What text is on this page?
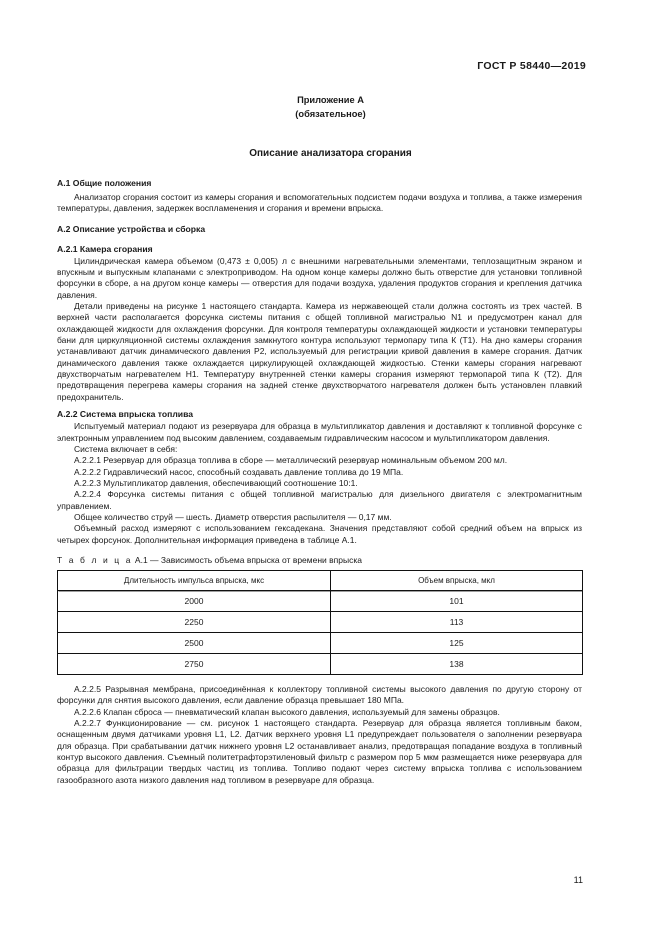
ГОСТ Р 58440—2019
Приложение А
(обязательное)
Описание анализатора сгорания
А.1 Общие положения

Анализатор сгорания состоит из камеры сгорания и вспомогательных подсистем подачи воздуха и топлива, а также измерения температуры, давления, задержек воспламенения и сгорания и времени впрыска.

А.2 Описание устройства и сборка
А.2.1 Камера сгорания

Цилиндрическая камера объемом (0,473 ± 0,005) л с внешними нагревательными элементами, теплозащитным экраном и впускным и выпускным клапанами с электроприводом. На одном конце камеры должно быть отверстие для установки топливной форсунки в сборе, а на другом конце камеры — отверстия для подачи воздуха, удаления продуктов сгорания и крепления датчика давления.

Детали приведены на рисунке 1 настоящего стандарта. Камера из нержавеющей стали должна состоять из трех частей. В верхней части располагается форсунка системы питания с общей топливной магистралью N1 и предусмотрен канал для охлаждающей жидкости для охлаждения форсунки. Для контроля температуры охлаждающей жидкости и установки температуры бани для циркуляционной системы охлаждения замкнутого контура используют термопару типа К (Т1). На дно камеры сгорания устанавливают датчик динамического давления Р2, используемый для регистрации кривой давления в камере сгорания. Датчик динамического давления также охлаждается циркулирующей охлаждающей жидкостью. Стенки камеры сгорания нагревают двухстворчатым нагревателем H1. Температуру внутренней стенки камеры сгорания измеряют термопарой типа К (Т2). Для предотвращения перегрева камеры сгорания на задней стенке двухстворчатого нагревателя должен быть установлен плавкий предохранитель.

А.2.2 Система впрыска топлива

Испытуемый материал подают из резервуара для образца в мультипликатор давления и доставляют к топливной форсунке с электронным управлением под высоким давлением, создаваемым гидравлическим насосом и мультипликатором давления.

Система включает в себя:

А.2.2.1 Резервуар для образца топлива в сборе — металлический резервуар номинальным объемом 200 мл.

А.2.2.2 Гидравлический насос, способный создавать давление топлива до 19 МПа.

А.2.2.3 Мультипликатор давления, обеспечивающий соотношение 10:1.

А.2.2.4 Форсунка системы питания с общей топливной магистралью для дизельного двигателя с электромагнитным управлением.

Общее количество струй — шесть. Диаметр отверстия распылителя — 0,17 мм.

Объемный расход измеряют с использованием гексадекана. Значения представляют собой средний объем на впрыск из четырех форсунок. Дополнительная информация приведена в таблице А.1.

Т а б л и ц а А.1 — Зависимость объема впрыска от времени впрыска
Длительность импульса впрыска, мкс	Объем впрыска, мкл
2000	101
2250	113
2500	125
2750	138

А.2.2.5 Разрывная мембрана, присоединённая к коллектору топливной системы высокого давления по другую сторону от форсунки для снятия высокого давления, если давление образца превышает 180 МПа.

А.2.2.6 Клапан сброса — пневматический клапан высокого давления, используемый для замены образцов.

А.2.2.7 Функционирование — см. рисунок 1 настоящего стандарта. Резервуар для образца является топливным баком, оснащенным двумя датчиками уровня L1, L2. Датчик верхнего уровня L1 предупреждает пользователя о заполнении резервуара для образца. При срабатывании датчик нижнего уровня L2 останавливает анализ, предотвращая попадание воздуха в топливный контур высокого давления. Съемный политетрафторэтиленовый фильтр с размером пор 5 мкм размещается ниже резервуара для образца для фильтрации твердых частиц из топлива. Топливо подают через систему впрыска топлива с использованием газообразного азота низкого давления над топливом в резервуаре для образца.

11
